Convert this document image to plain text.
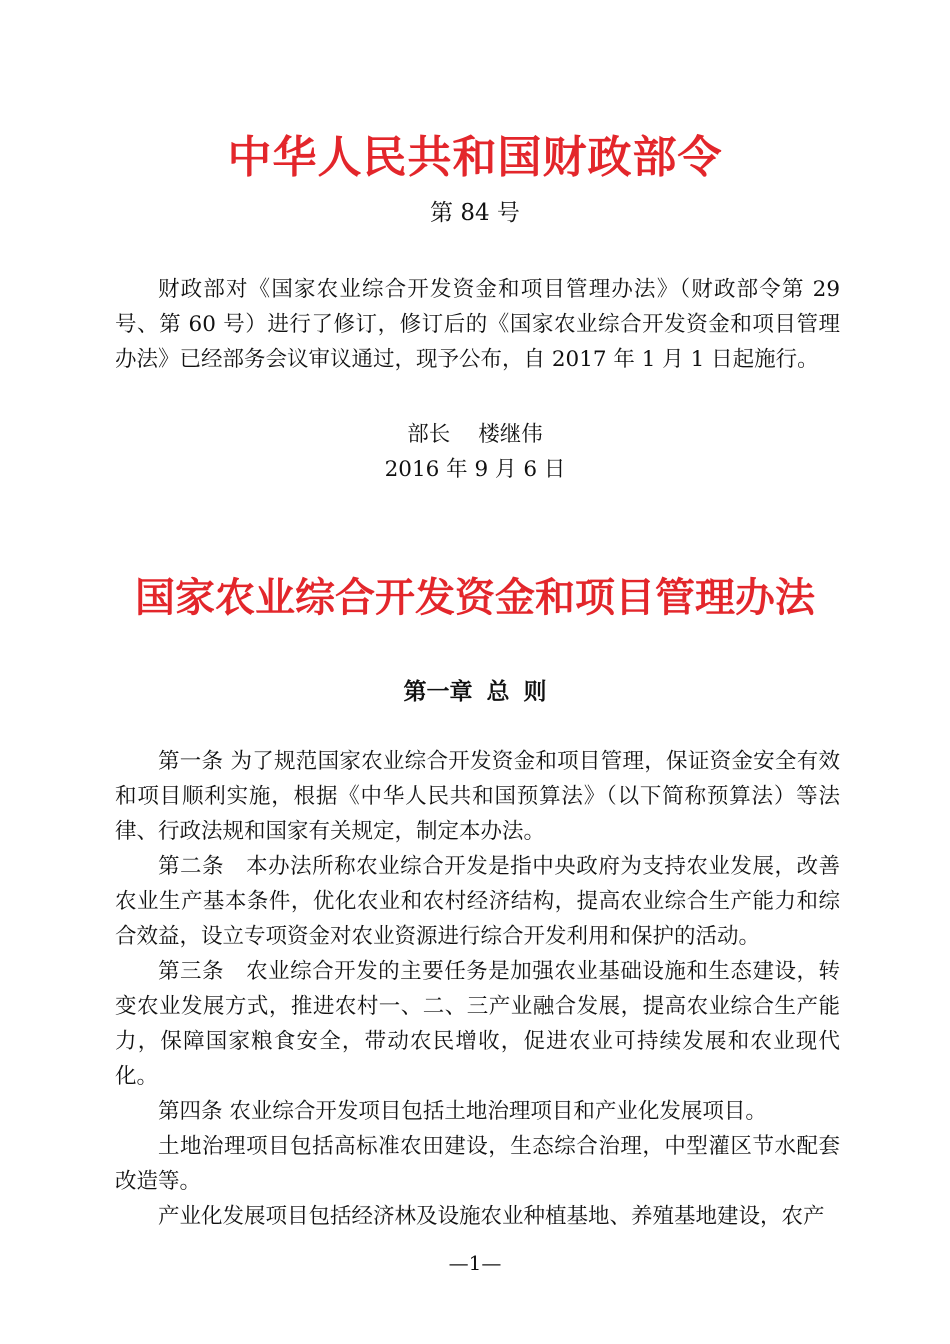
中华人民共和国财政部令
第 84 号

财政部对《国家农业综合开发资金和项目管理办法》（财政部令第 29 号、第 60 号）进行了修订，修订后的《国家农业综合开发资金和项目管理办法》已经部务会议审议通过，现予公布，自 2017 年 1 月 1 日起施行。

部长 楼继伟
2016 年 9 月 6 日
国家农业综合开发资金和项目管理办法
第一章 总 则

第一条 为了规范国家农业综合开发资金和项目管理，保证资金安全有效和项目顺利实施，根据《中华人民共和国预算法》（以下简称预算法）等法律、行政法规和国家有关规定，制定本办法。

第二条　本办法所称农业综合开发是指中央政府为支持农业发展，改善农业生产基本条件，优化农业和农村经济结构，提高农业综合生产能力和综合效益，设立专项资金对农业资源进行综合开发利用和保护的活动。

第三条　农业综合开发的主要任务是加强农业基础设施和生态建设，转变农业发展方式，推进农村一、二、三产业融合发展，提高农业综合生产能力，保障国家粮食安全，带动农民增收，促进农业可持续发展和农业现代化。

第四条 农业综合开发项目包括土地治理项目和产业化发展项目。

土地治理项目包括高标准农田建设，生态综合治理，中型灌区节水配套改造等。

产业化发展项目包括经济林及设施农业种植基地、养殖基地建设，农产

—1—
